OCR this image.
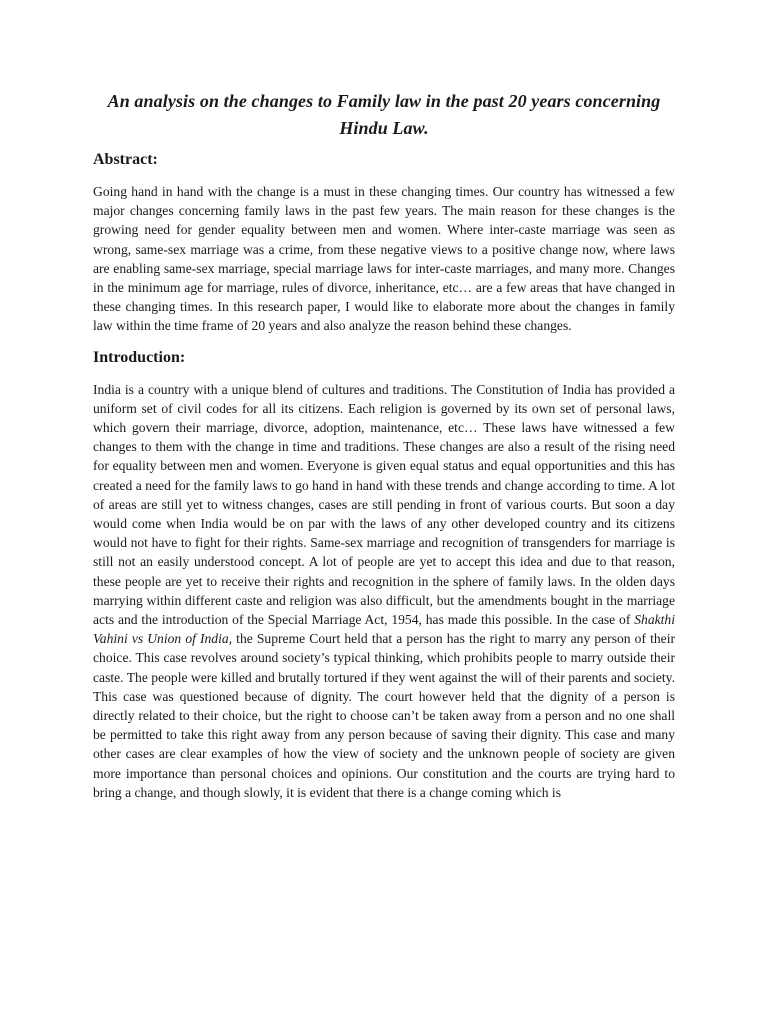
An analysis on the changes to Family law in the past 20 years concerning Hindu Law.
Abstract:

Going hand in hand with the change is a must in these changing times. Our country has witnessed a few major changes concerning family laws in the past few years. The main reason for these changes is the growing need for gender equality between men and women. Where inter-caste marriage was seen as wrong, same-sex marriage was a crime, from these negative views to a positive change now, where laws are enabling same-sex marriage, special marriage laws for inter-caste marriages, and many more. Changes in the minimum age for marriage, rules of divorce, inheritance, etc… are a few areas that have changed in these changing times. In this research paper, I would like to elaborate more about the changes in family law within the time frame of 20 years and also analyze the reason behind these changes.

Introduction:

India is a country with a unique blend of cultures and traditions. The Constitution of India has provided a uniform set of civil codes for all its citizens. Each religion is governed by its own set of personal laws, which govern their marriage, divorce, adoption, maintenance, etc… These laws have witnessed a few changes to them with the change in time and traditions. These changes are also a result of the rising need for equality between men and women. Everyone is given equal status and equal opportunities and this has created a need for the family laws to go hand in hand with these trends and change according to time. A lot of areas are still yet to witness changes, cases are still pending in front of various courts. But soon a day would come when India would be on par with the laws of any other developed country and its citizens would not have to fight for their rights. Same-sex marriage and recognition of transgenders for marriage is still not an easily understood concept. A lot of people are yet to accept this idea and due to that reason, these people are yet to receive their rights and recognition in the sphere of family laws. In the olden days marrying within different caste and religion was also difficult, but the amendments bought in the marriage acts and the introduction of the Special Marriage Act, 1954, has made this possible. In the case of Shakthi Vahini vs Union of India, the Supreme Court held that a person has the right to marry any person of their choice. This case revolves around society’s typical thinking, which prohibits people to marry outside their caste. The people were killed and brutally tortured if they went against the will of their parents and society. This case was questioned because of dignity. The court however held that the dignity of a person is directly related to their choice, but the right to choose can’t be taken away from a person and no one shall be permitted to take this right away from any person because of saving their dignity. This case and many other cases are clear examples of how the view of society and the unknown people of society are given more importance than personal choices and opinions. Our constitution and the courts are trying hard to bring a change, and though slowly, it is evident that there is a change coming which is
